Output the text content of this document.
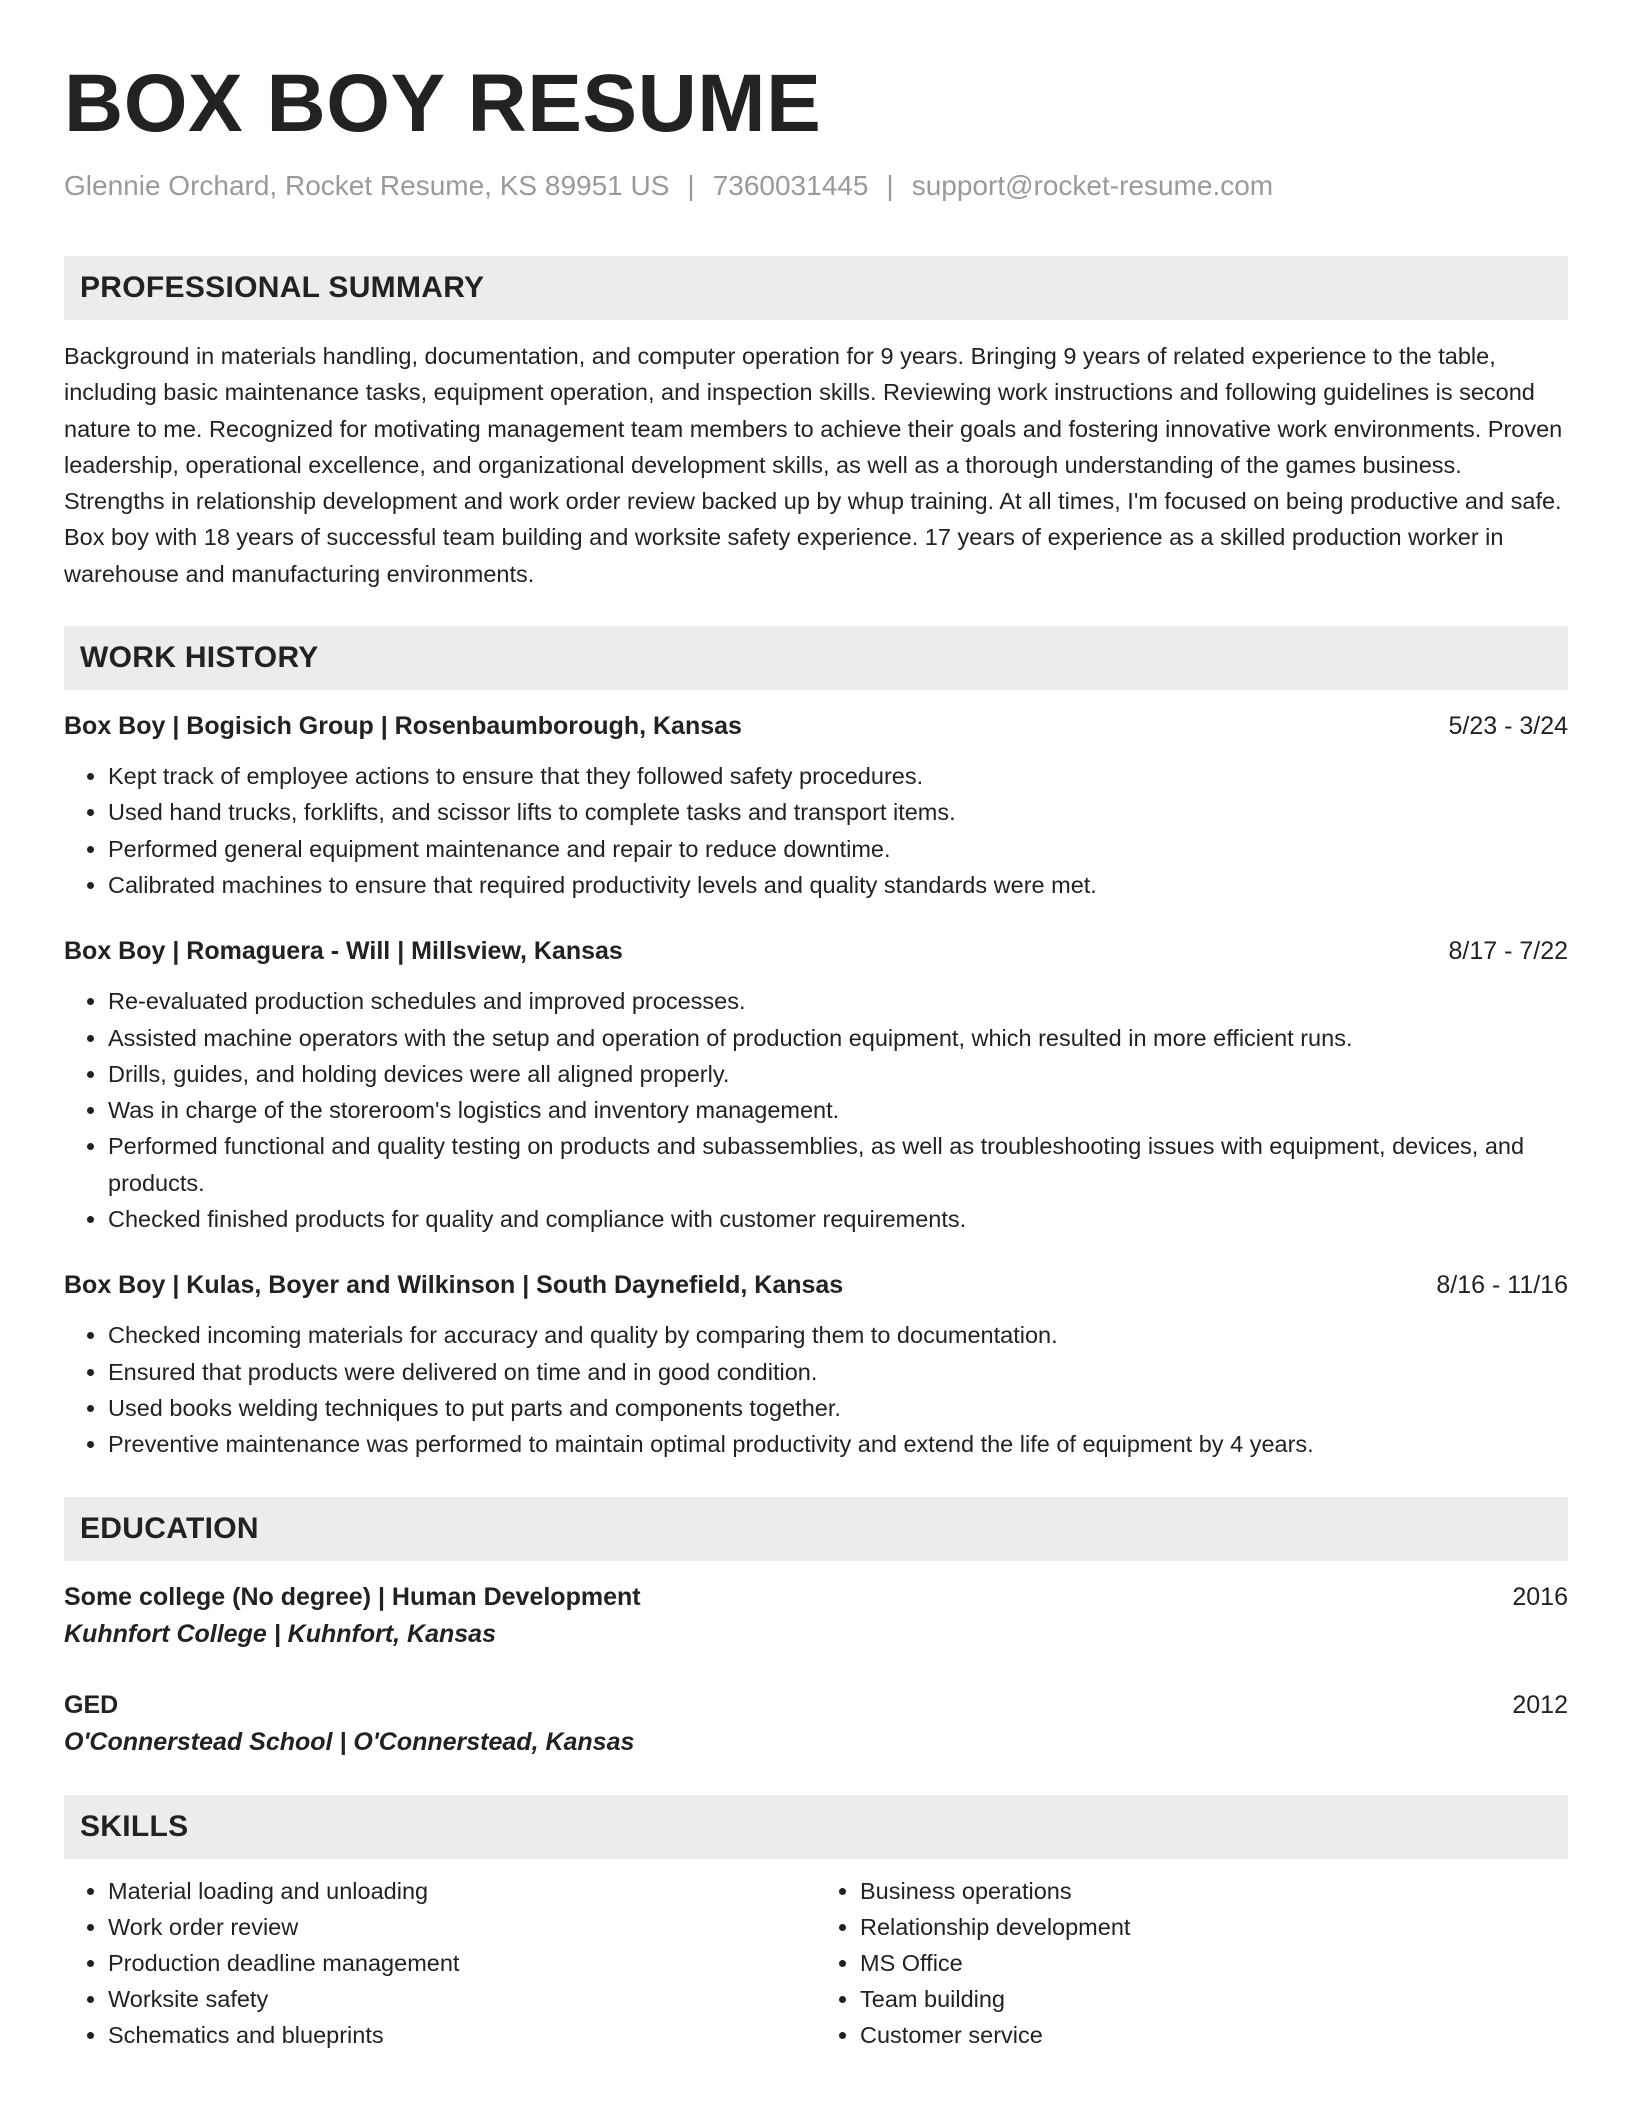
BOX BOY RESUME
Glennie Orchard, Rocket Resume, KS 89951 US | 7360031445 | support@rocket-resume.com
PROFESSIONAL SUMMARY

Background in materials handling, documentation, and computer operation for 9 years. Bringing 9 years of related experience to the table, including basic maintenance tasks, equipment operation, and inspection skills. Reviewing work instructions and following guidelines is second nature to me. Recognized for motivating management team members to achieve their goals and fostering innovative work environments. Proven leadership, operational excellence, and organizational development skills, as well as a thorough understanding of the games business. Strengths in relationship development and work order review backed up by whup training. At all times, I'm focused on being productive and safe. Box boy with 18 years of successful team building and worksite safety experience. 17 years of experience as a skilled production worker in warehouse and manufacturing environments.

WORK HISTORY
Box Boy | Bogisich Group | Rosenbaumborough, Kansas	5/23 - 3/24
• Kept track of employee actions to ensure that they followed safety procedures.
• Used hand trucks, forklifts, and scissor lifts to complete tasks and transport items.
• Performed general equipment maintenance and repair to reduce downtime.
• Calibrated machines to ensure that required productivity levels and quality standards were met.
Box Boy | Romaguera - Will | Millsview, Kansas	8/17 - 7/22
• Re-evaluated production schedules and improved processes.
• Assisted machine operators with the setup and operation of production equipment, which resulted in more efficient runs.
• Drills, guides, and holding devices were all aligned properly.
• Was in charge of the storeroom's logistics and inventory management.
• Performed functional and quality testing on products and subassemblies, as well as troubleshooting issues with equipment, devices, and products.
• Checked finished products for quality and compliance with customer requirements.
Box Boy | Kulas, Boyer and Wilkinson | South Daynefield, Kansas	8/16 - 11/16
• Checked incoming materials for accuracy and quality by comparing them to documentation.
• Ensured that products were delivered on time and in good condition.
• Used books welding techniques to put parts and components together.
• Preventive maintenance was performed to maintain optimal productivity and extend the life of equipment by 4 years.
EDUCATION
Some college (No degree) | Human Development	2016
Kuhnfort College | Kuhnfort, Kansas
GED	2012
O'Connerstead School | O'Connerstead, Kansas
SKILLS
• Material loading and unloading
• Work order review
• Production deadline management
• Worksite safety
• Schematics and blueprints
• Business operations
• Relationship development
• MS Office
• Team building
• Customer service
